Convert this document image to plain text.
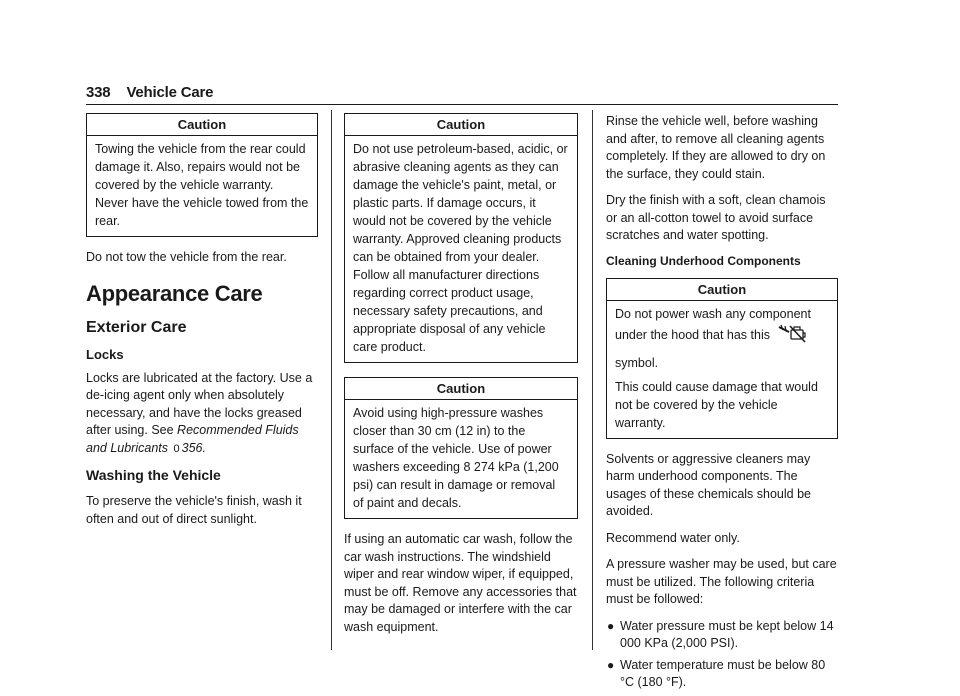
338 Vehicle Care
Caution

Towing the vehicle from the rear could damage it. Also, repairs would not be covered by the vehicle warranty. Never have the vehicle towed from the rear.

Do not tow the vehicle from the rear.

Appearance Care
Exterior Care
Locks

Locks are lubricated at the factory. Use a de-icing agent only when absolutely necessary, and have the locks greased after using. See Recommended Fluids and Lubricants 0 356.

Washing the Vehicle

To preserve the vehicle's finish, wash it often and out of direct sunlight.

Caution

Do not use petroleum-based, acidic, or abrasive cleaning agents as they can damage the vehicle's paint, metal, or plastic parts. If damage occurs, it would not be covered by the vehicle warranty. Approved cleaning products can be obtained from your dealer. Follow all manufacturer directions regarding correct product usage, necessary safety precautions, and appropriate disposal of any vehicle care product.

Caution

Avoid using high-pressure washes closer than 30 cm (12 in) to the surface of the vehicle. Use of power washers exceeding 8 274 kPa (1,200 psi) can result in damage or removal of paint and decals.

If using an automatic car wash, follow the car wash instructions. The windshield wiper and rear window wiper, if equipped, must be off. Remove any accessories that may be damaged or interfere with the car wash equipment.

Rinse the vehicle well, before washing and after, to remove all cleaning agents completely. If they are allowed to dry on the surface, they could stain.

Dry the finish with a soft, clean chamois or an all-cotton towel to avoid surface scratches and water spotting.

Cleaning Underhood Components
Caution

Do not power wash any component under the hood that has this

symbol.

This could cause damage that would not be covered by the vehicle warranty.

Solvents or aggressive cleaners may harm underhood components. The usages of these chemicals should be avoided.

Recommend water only.

A pressure washer may be used, but care must be utilized. The following criteria must be followed:

● Water pressure must be kept below 14 000 KPa (2,000 PSI).
● Water temperature must be below 80 °C (180 °F).
